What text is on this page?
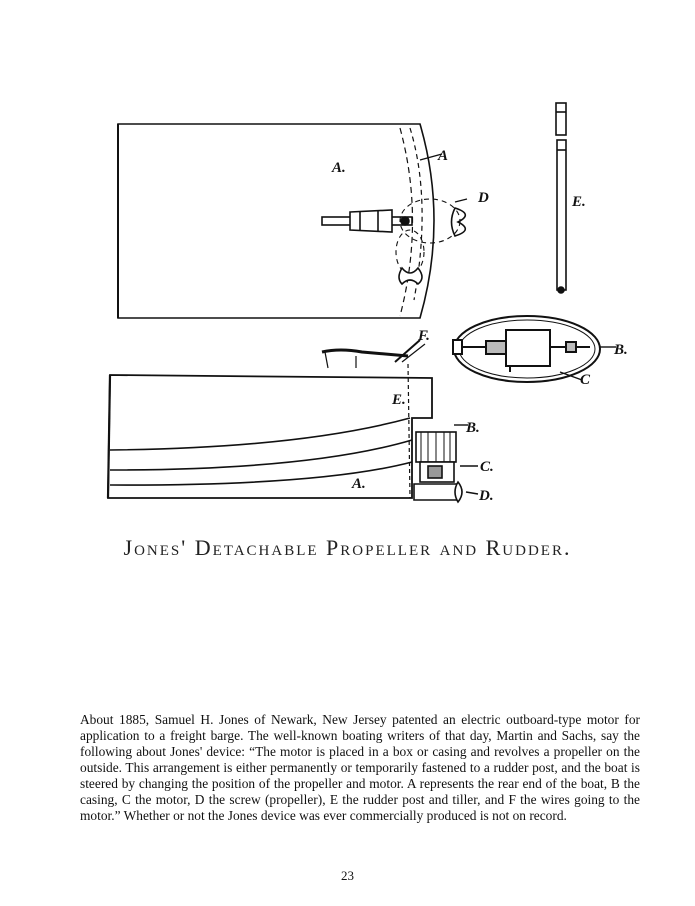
A.
A
D	E.
B.
C
F.
E.
B.
C.
D.
A.
Jones' Detachable Propeller and Rudder.

About 1885, Samuel H. Jones of Newark, New Jersey patented an electric outboard-type motor for application to a freight barge. The well-known boating writers of that day, Martin and Sachs, say the following about Jones' device: “The motor is placed in a box or casing and revolves a propeller on the outside. This arrangement is either permanently or temporarily fastened to a rudder post, and the boat is steered by changing the position of the propeller and motor. A represents the rear end of the boat, B the casing, C the motor, D the screw (propeller), E the rudder post and tiller, and F the wires going to the motor.” Whether or not the Jones device was ever commercially produced is not on record.

23
